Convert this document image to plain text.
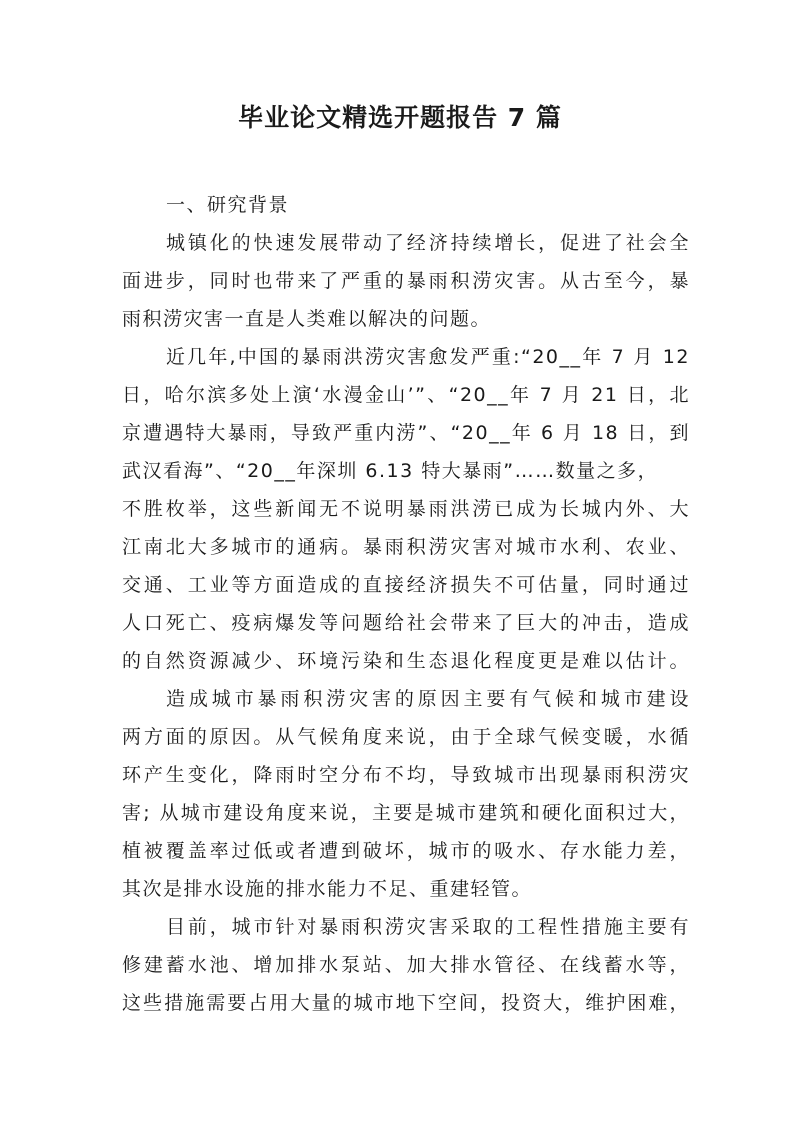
毕业论文精选开题报告 7 篇
一、研究背景
城镇化的快速发展带动了经济持续增长，促进了社会全
面进步，同时也带来了严重的暴雨积涝灾害。从古至今，暴
雨积涝灾害一直是人类难以解决的问题。
近几年,中国的暴雨洪涝灾害愈发严重:“20__年 7 月 12
日，哈尔滨多处上演‘水漫金山’”、“20__年 7 月 21 日，北
京遭遇特大暴雨，导致严重内涝”、“20__年 6 月 18 日，到
武汉看海”、“20__年深圳 6.13 特大暴雨”……数量之多，
不胜枚举，这些新闻无不说明暴雨洪涝已成为长城内外、大
江南北大多城市的通病。暴雨积涝灾害对城市水利、农业、
交通、工业等方面造成的直接经济损失不可估量，同时通过
人口死亡、疫病爆发等问题给社会带来了巨大的冲击，造成
的自然资源减少、环境污染和生态退化程度更是难以估计。
造成城市暴雨积涝灾害的原因主要有气候和城市建设
两方面的原因。从气候角度来说，由于全球气候变暖，水循
环产生变化，降雨时空分布不均，导致城市出现暴雨积涝灾
害; 从城市建设角度来说，主要是城市建筑和硬化面积过大，
植被覆盖率过低或者遭到破坏，城市的吸水、存水能力差，
其次是排水设施的排水能力不足、重建轻管。
目前，城市针对暴雨积涝灾害采取的工程性措施主要有
修建蓄水池、增加排水泵站、加大排水管径、在线蓄水等，
这些措施需要占用大量的城市地下空间，投资大，维护困难，
